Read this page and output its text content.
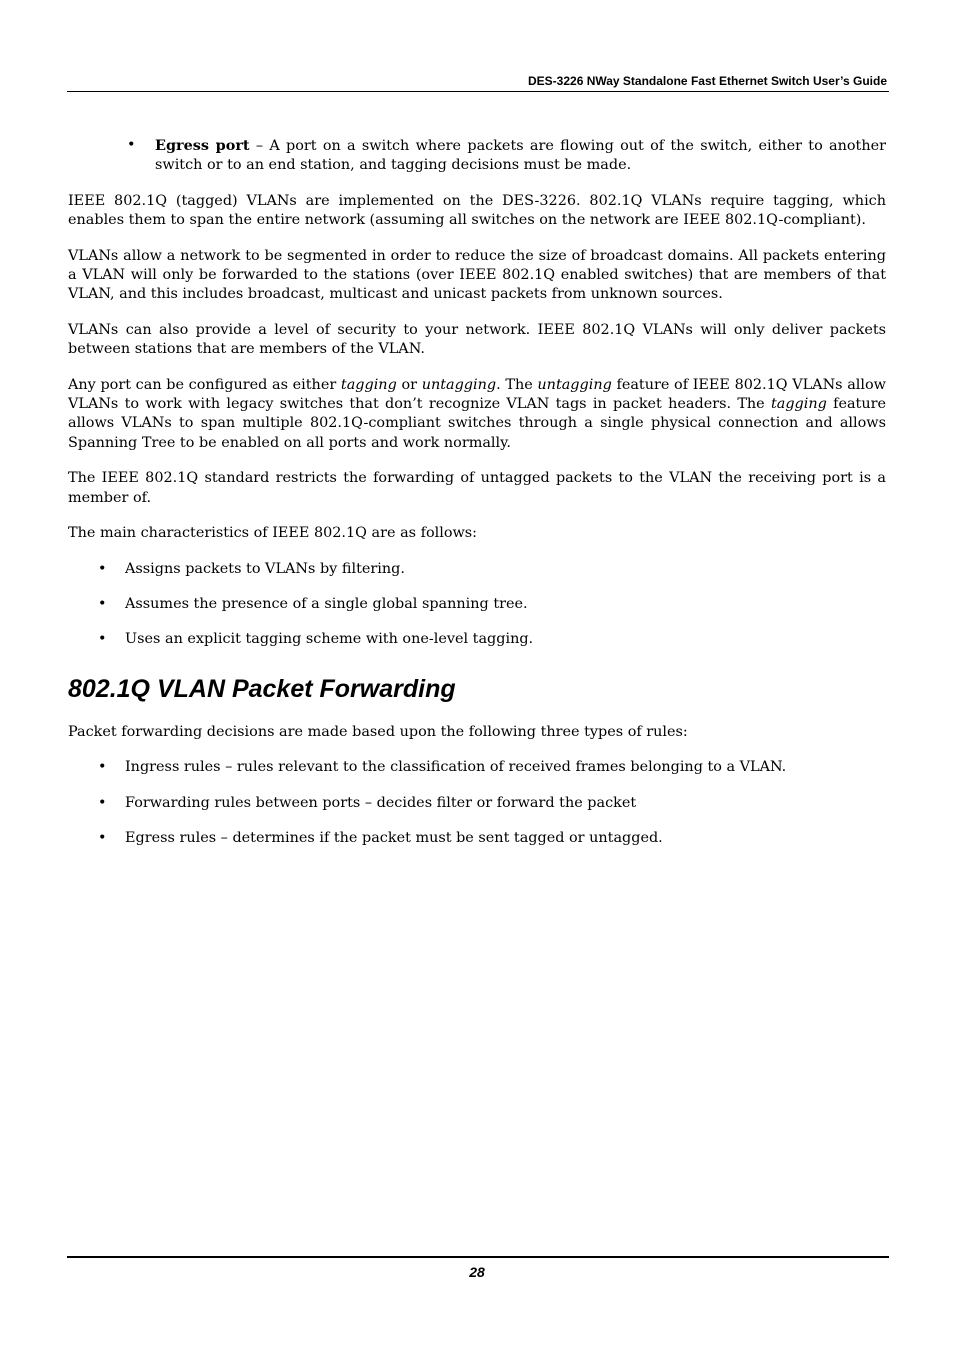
DES-3226 NWay Standalone Fast Ethernet Switch User’s Guide
• Egress port – A port on a switch where packets are flowing out of the switch, either to another switch or to an end station, and tagging decisions must be made.

IEEE 802.1Q (tagged) VLANs are implemented on the DES-3226. 802.1Q VLANs require tagging, which enables them to span the entire network (assuming all switches on the network are IEEE 802.1Q-compliant).

VLANs allow a network to be segmented in order to reduce the size of broadcast domains. All packets entering a VLAN will only be forwarded to the stations (over IEEE 802.1Q enabled switches) that are members of that VLAN, and this includes broadcast, multicast and unicast packets from unknown sources.

VLANs can also provide a level of security to your network. IEEE 802.1Q VLANs will only deliver packets between stations that are members of the VLAN.

Any port can be configured as either tagging or untagging. The untagging feature of IEEE 802.1Q VLANs allow VLANs to work with legacy switches that don’t recognize VLAN tags in packet headers. The tagging feature allows VLANs to span multiple 802.1Q-compliant switches through a single physical connection and allows Spanning Tree to be enabled on all ports and work normally.

The IEEE 802.1Q standard restricts the forwarding of untagged packets to the VLAN the receiving port is a member of.

The main characteristics of IEEE 802.1Q are as follows:

• Assigns packets to VLANs by filtering.
• Assumes the presence of a single global spanning tree.
• Uses an explicit tagging scheme with one-level tagging.
802.1Q VLAN Packet Forwarding

Packet forwarding decisions are made based upon the following three types of rules:

• Ingress rules – rules relevant to the classification of received frames belonging to a VLAN.
• Forwarding rules between ports – decides filter or forward the packet
• Egress rules – determines if the packet must be sent tagged or untagged.
28
